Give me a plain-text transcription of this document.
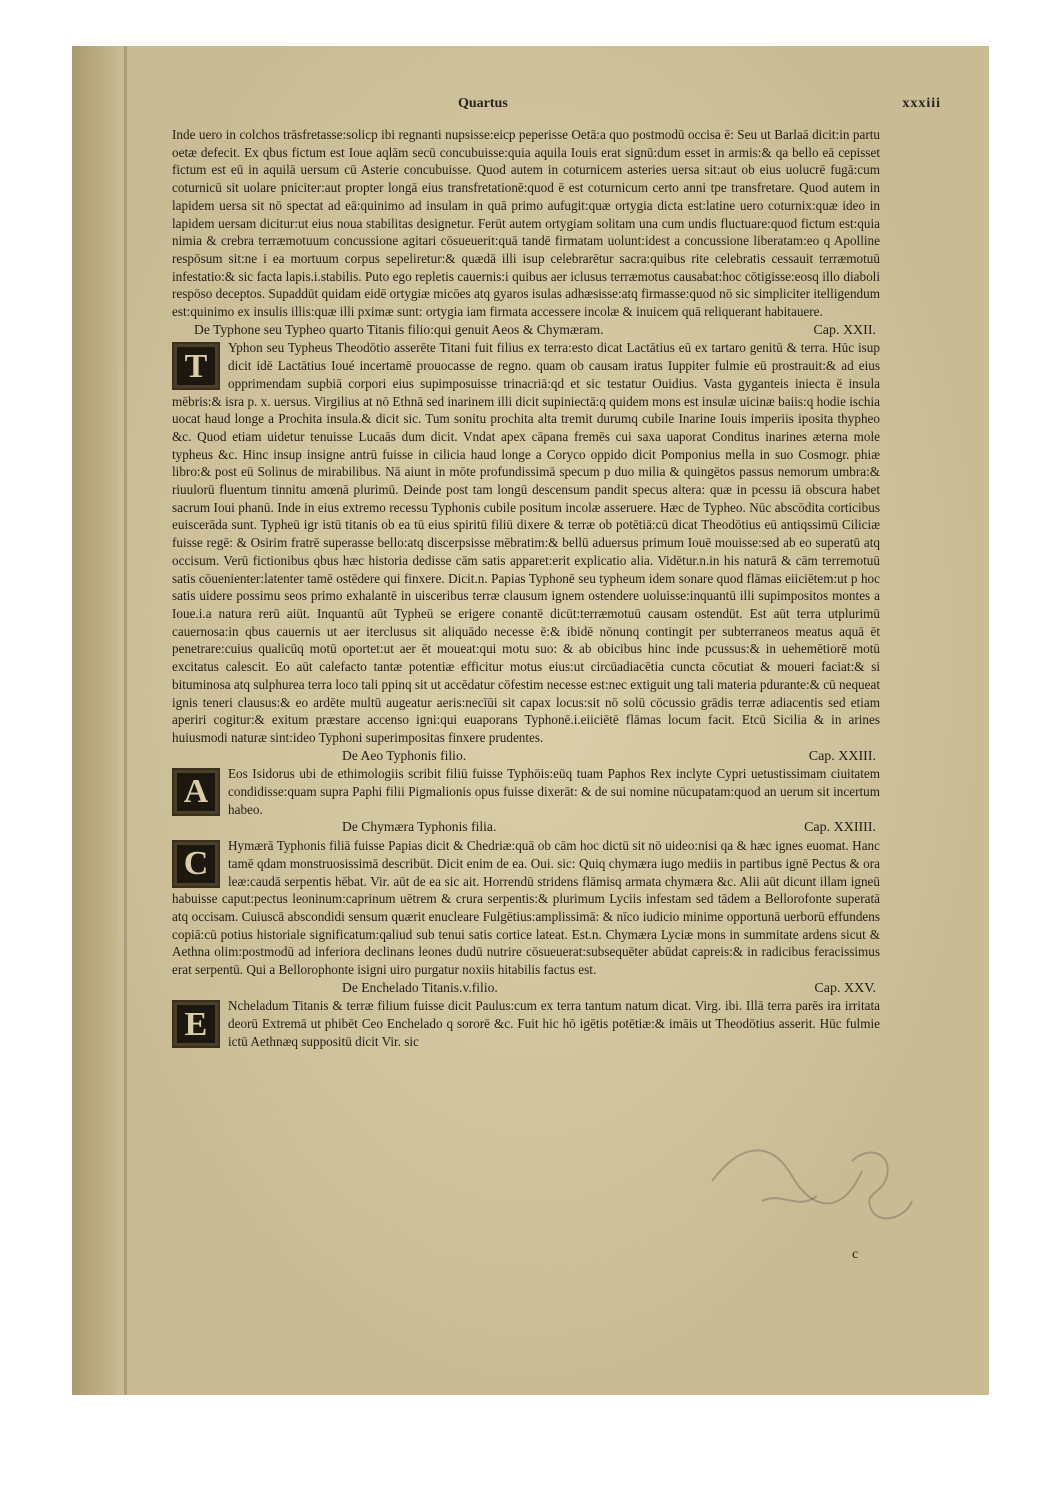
Quartus	xxxiii

Inde uero in colchos trāsfretasse:solicp ibi regnanti nupsisse:eicp peperisse Oetā:a quo postmodū occisa ē: Seu ut Barlaā dicit:in partu oetæ defecit. Ex qbus fictum est Ioue aqlām secū concubuisse:quia aquila Iouis erat signū:dum esset in armis:& qa bello eā cepisset fictum est eū in aquilā uersum cū Asterie concubuisse. Quod autem in coturnicem asteries uersa sit:aut ob eius uolucrē fugā:cum coturnicū sit uolare pniciter:aut propter longā eius transfretationē:quod ē est coturnicum certo anni tpe transfretare. Quod autem in lapidem uersa sit nō spectat ad eā:quinimo ad insulam in quā primo aufugit:quæ ortygia dicta est:latine uero coturnix:quæ ideo in lapidem uersam dicitur:ut eius noua stabilitas designetur. Ferūt autem ortygiam solitam una cum undis fluctuare:quod fictum est:quia nimia & crebra terræmotuum concussione agitari cōsueuerit:quā tandē firmatam uolunt:idest a concussione liberatam:eo q Apolline respōsum sit:ne i ea mortuum corpus sepeliretur:& quædā illi isup celebrarētur sacra:quibus rite celebratis cessauit terræmotuū infestatio:& sic facta lapis.i.stabilis. Puto ego repletis cauernis:i quibus aer iclusus terræmotus causabat:hoc cōtigisse:eosq illo diaboli respōso deceptos. Supaddūt quidam eidē ortygiæ micōes atq gyaros isulas adhæsisse:atq firmasse:quod nō sic simpliciter itelligendum est:quinimo ex insulis illis:quæ illi pximæ sunt: ortygia iam firmata accessere incolæ & inuicem quā reliquerant habitauere.

De Typhone seu Typheo quarto Titanis filio:qui genuit Aeos & Chymæram.	Cap. XXII.

T	Yphon seu Typheus Theodōtio asserēte Titani fuit filius ex terra:esto dicat Lactātius eū ex tartaro genitū & terra. Hūc isup dicit idē Lactātius Ioué incertamē prouocasse de regno. quam ob causam iratus Iuppiter fulmie eū prostrauit:& ad eius opprimendam supbiā corpori eius supimposuisse trinacriā:qd et sic testatur Ouidius. Vasta gyganteis iniecta ē insula mēbris:& isra p. x. uersus. Virgilius at nō Ethnā sed inarinem illi dicit supiniectā:q quidem mons est insulæ uicinæ baiis:q hodie ischia uocat haud longe a Prochita insula.& dicit sic. Tum sonitu prochita alta tremit durumq cubile Inarine Iouis imperiis iposita thypheo &c. Quod etiam uidetur tenuisse Lucaās dum dicit. Vndat apex cāpana fremēs cui saxa uaporat Conditus inarines æterna mole typheus &c. Hinc insup insigne antrū fuisse in cilicia haud longe a Coryco oppido dicit Pomponius mella in suo Cosmogr. phiæ libro:& post eū Solinus de mirabilibus. Nā aiunt in mōte profundissimā specum p duo milia & quingētos passus nemorum umbra:& riuulorū fluentum tinnitu amœnā plurimū. Deinde post tam longū descensum pandit specus altera: quæ in pcessu iā obscura habet sacrum Ioui phanū. Inde in eius extremo recessu Typhonis cubile positum incolæ asseruere. Hæc de Typheo. Nūc abscōdita corticibus euiscerāda sunt. Typheū igr istū titanis ob ea tū eius spiritū filiū dixere & terræ ob potētiā:cū dicat Theodōtius eū antiqssimū Ciliciæ fuisse regē: & Osirim fratrē superasse bello:atq discerpsisse mēbratim:& bellū aduersus primum Iouē mouisse:sed ab eo superatū atq occisum. Verū fictionibus qbus hæc historia dedisse cām satis apparet:erit explicatio alia. Vidētur.n.in his naturā & cām terremotuū satis cōuenienter:latenter tamē ostēdere qui finxere. Dicit.n. Papias Typhonē seu typheum idem sonare quod flāmas eiiciētem:ut p hoc satis uidere possimu seos primo exhalantē in uisceribus terræ clausum ignem ostendere uoluisse:inquantū illi supimpositos montes a Ioue.i.a natura rerū aiūt. Inquantū aūt Typheū se erigere conantē dicūt:terræmotuū causam ostendūt. Est aūt terra utplurimū cauernosa:in qbus cauernis ut aer iterclusus sit aliquādo necesse ē:& ibidē nōnunq contingit per subterraneos meatus aquā ēt penetrare:cuius qualicūq motū oportet:ut aer ēt moueat:qui motu suo: & ab obicibus hinc inde pcussus:& in uehemētiorē motū excitatus calescit. Eo aūt calefacto tantæ potentiæ efficitur motus eius:ut circūadiacētia cuncta cōcutiat & moueri faciat:& si bituminosa atq sulphurea terra loco tali ppinq sit ut accēdatur cōfestim necesse est:nec extiguit ung tali materia pdurante:& cū nequeat ignis teneri clausus:& eo ardēte multū augeatur aeris:necīūi sit capax locus:sit nō solū cōcussio grādis terræ adiacentis sed etiam aperiri cogitur:& exitum præstare accenso igni:qui euaporans Typhonē.i.eiiciētē flāmas locum facit. Etcū Sicilia & in arines huiusmodi naturæ sint:ideo Typhoni superimpositas finxere prudentes.

De Aeo Typhonis filio.	Cap. XXIII.

A	Eos Isidorus ubi de ethimologiis scribit filiū fuisse Typhōis:eūq tuam Paphos Rex inclyte Cypri uetustissimam ciuitatem condidisse:quam supra Paphi filii Pigmalionis opus fuisse dixerāt: & de sui nomine nūcupatam:quod an uerum sit incertum habeo.

De Chymæra Typhonis filia.	Cap. XXIIII.

C	Hymærā Typhonis filiā fuisse Papias dicit & Chedriæ:quā ob cām hoc dictū sit nō uideo:nisi qa & hæc ignes euomat. Hanc tamē qdam monstruosissimā describūt. Dicit enim de ea. Oui. sic: Quiq chymæra iugo mediis in partibus ignē Pectus & ora leæ:caudā serpentis hēbat. Vir. aūt de ea sic ait. Horrendū stridens flāmisq armata chymæra &c. Alii aūt dicunt illam igneū habuisse caput:pectus leoninum:caprinum uētrem & crura serpentis:& plurimum Lyciis infestam sed tādem a Bellorofonte superatā atq occisam. Cuiuscā abscondidi sensum quærit enucleare Fulgētius:amplissimā: & nīco iudicio minime opportunā uerborū effundens copiā:cū potius historiale significatum:qaliud sub tenui satis cortice lateat. Est.n. Chymæra Lyciæ mons in summitate ardens sicut & Aethna olim:postmodū ad inferiora declinans leones dudū nutrire cōsueuerat:subsequēter abūdat capreis:& in radicibus feracissimus erat serpentū. Qui a Bellorophonte isigni uiro purgatur noxiis hitabilis factus est.

De Enchelado Titanis.v.filio.	Cap. XXV.

E	Ncheladum Titanis & terræ filium fuisse dicit Paulus:cum ex terra tantum natum dicat. Virg. ibi. Illā terra parēs ira irritata deorū Extremā ut phibēt Ceo Enchelado q sororē &c. Fuit hic hō igētis potētiæ:& imāis ut Theodōtius asserit. Hūc fulmie ictū Aethnæq suppositū dicit Vir. sic

c
